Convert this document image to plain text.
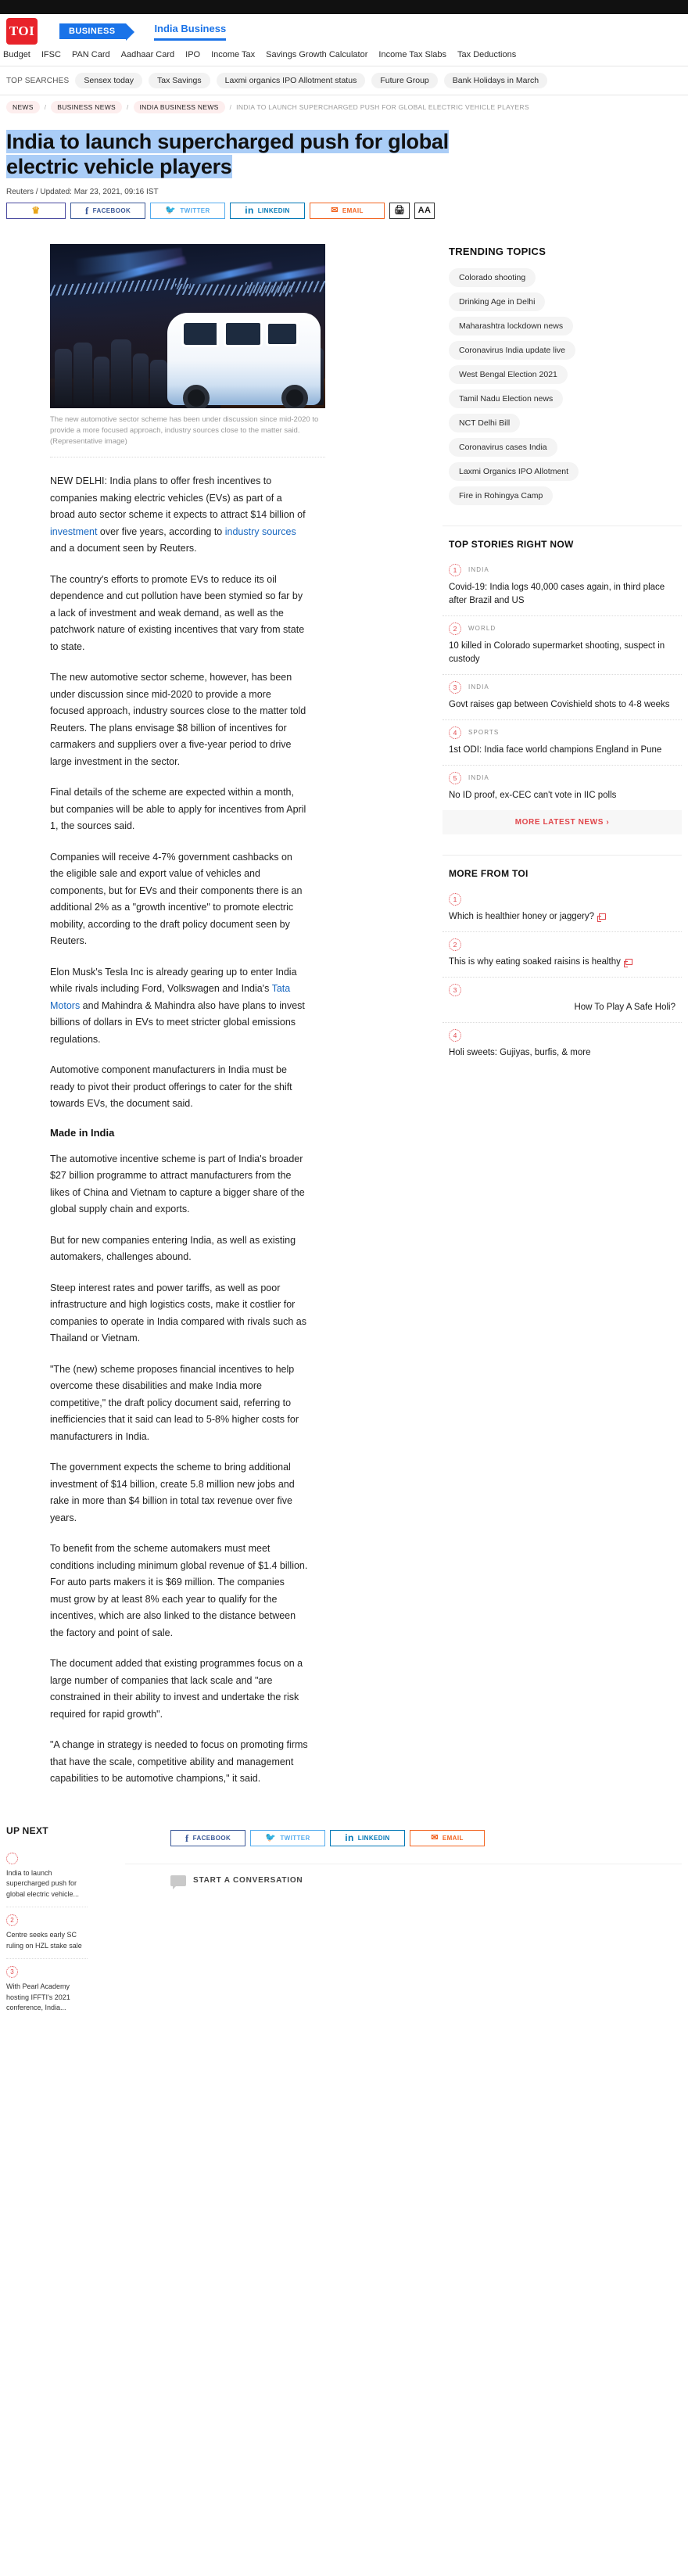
TOI	BUSINESS	India Business
Budget IFSC PAN Card Aadhaar Card IPO Income Tax Savings Growth Calculator Income Tax Slabs Tax Deductions
TOP SEARCHES	Sensex today	Tax Savings	Laxmi organics IPO Allotment status	Future Group	Bank Holidays in March
NEWS	/	BUSINESS NEWS	/	INDIA BUSINESS NEWS	/ INDIA TO LAUNCH SUPERCHARGED PUSH FOR GLOBAL ELECTRIC VEHICLE PLAYERS
India to launch supercharged push for global
electric vehicle players
Reuters / Updated: Mar 23, 2021, 09:16 IST
♛	f FACEBOOK	🐦 TWITTER	in LINKEDIN	✉ EMAIL	🖨 AA
The new automotive sector scheme has been under discussion since mid-2020 to provide a more focused approach, industry sources close to the matter said. (Representative image)

NEW DELHI: India plans to offer fresh incentives to companies making electric vehicles (EVs) as part of a broad auto sector scheme it expects to attract $14 billion of investment over five years, according to industry sources and a document seen by Reuters.

The country's efforts to promote EVs to reduce its oil dependence and cut pollution have been stymied so far by a lack of investment and weak demand, as well as the patchwork nature of existing incentives that vary from state to state.

The new automotive sector scheme, however, has been under discussion since mid-2020 to provide a more focused approach, industry sources close to the matter told Reuters. The plans envisage $8 billion of incentives for carmakers and suppliers over a five-year period to drive large investment in the sector.

Final details of the scheme are expected within a month, but companies will be able to apply for incentives from April 1, the sources said.

Companies will receive 4-7% government cashbacks on the eligible sale and export value of vehicles and components, but for EVs and their components there is an additional 2% as a "growth incentive" to promote electric mobility, according to the draft policy document seen by Reuters.

Elon Musk's Tesla Inc is already gearing up to enter India while rivals including Ford, Volkswagen and India's Tata Motors and Mahindra & Mahindra also have plans to invest billions of dollars in EVs to meet stricter global emissions regulations.

Automotive component manufacturers in India must be ready to pivot their product offerings to cater for the shift towards EVs, the document said.

Made in India

The automotive incentive scheme is part of India's broader $27 billion programme to attract manufacturers from the likes of China and Vietnam to capture a bigger share of the global supply chain and exports.

But for new companies entering India, as well as existing automakers, challenges abound.

Steep interest rates and power tariffs, as well as poor infrastructure and high logistics costs, make it costlier for companies to operate in India compared with rivals such as Thailand or Vietnam.

"The (new) scheme proposes financial incentives to help overcome these disabilities and make India more competitive," the draft policy document said, referring to inefficiencies that it said can lead to 5-8% higher costs for manufacturers in India.

The government expects the scheme to bring additional investment of $14 billion, create 5.8 million new jobs and rake in more than $4 billion in total tax revenue over five years.

To benefit from the scheme automakers must meet conditions including minimum global revenue of $1.4 billion. For auto parts makers it is $69 million. The companies must grow by at least 8% each year to qualify for the incentives, which are also linked to the distance between the factory and point of sale.

The document added that existing programmes focus on a large number of companies that lack scale and "are constrained in their ability to invest and undertake the risk required for rapid growth".

"A change in strategy is needed to focus on promoting firms that have the scale, competitive ability and management capabilities to be automotive champions," it said.

TRENDING TOPICS
Colorado shooting
Drinking Age in Delhi
Maharashtra lockdown news
Coronavirus India update live
West Bengal Election 2021
Tamil Nadu Election news
NCT Delhi Bill
Coronavirus cases India
Laxmi Organics IPO Allotment
Fire in Rohingya Camp
TOP STORIES RIGHT NOW
1	INDIA
Covid-19: India logs 40,000 cases again, in third place after Brazil and US
2	WORLD
10 killed in Colorado supermarket shooting, suspect in custody
3	INDIA
Govt raises gap between Covishield shots to 4-8 weeks
4	SPORTS
1st ODI: India face world champions England in Pune
5	INDIA
No ID proof, ex-CEC can't vote in IIC polls
MORE LATEST NEWS ›
MORE FROM TOI
1
Which is healthier honey or jaggery?
2
This is why eating soaked raisins is healthy
3
How To Play A Safe Holi?
4
Holi sweets: Gujiyas, burfis, & more
UP NEXT
India to launch supercharged push for global electric vehicle...
2
Centre seeks early SC ruling on HZL stake sale
3
With Pearl Academy hosting IFFTI's 2021 conference, India...
f FACEBOOK	🐦 TWITTER	in LINKEDIN	✉ EMAIL
START A CONVERSATION
